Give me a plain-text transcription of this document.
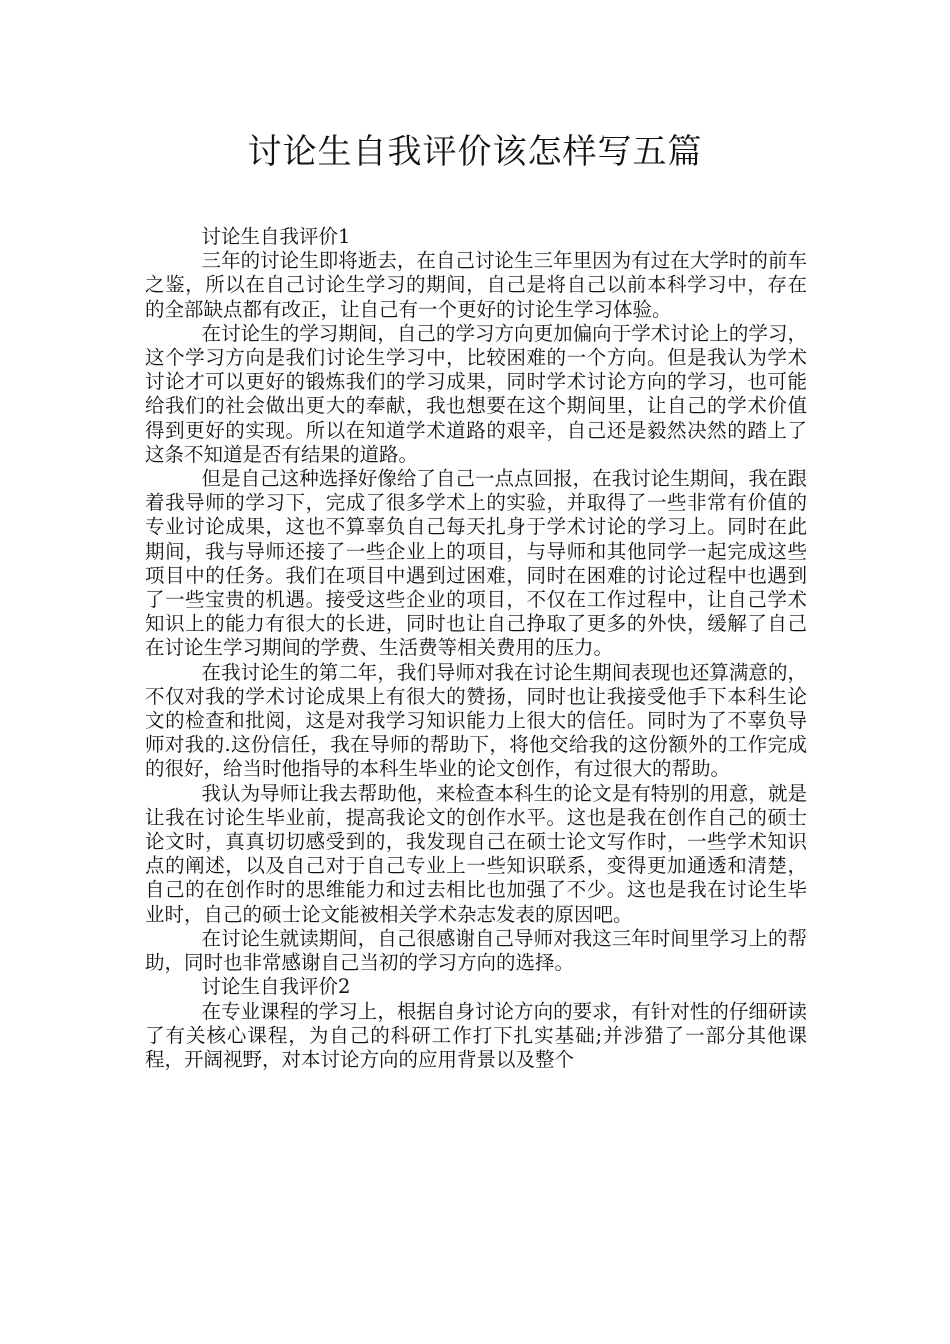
讨论生自我评价该怎样写五篇

讨论生自我评价1

三年的讨论生即将逝去，在自己讨论生三年里因为有过在大学时的前车之鉴，所以在自己讨论生学习的期间，自己是将自己以前本科学习中，存在的全部缺点都有改正，让自己有一个更好的讨论生学习体验。

在讨论生的学习期间，自己的学习方向更加偏向于学术讨论上的学习，这个学习方向是我们讨论生学习中，比较困难的一个方向。但是我认为学术讨论才可以更好的锻炼我们的学习成果，同时学术讨论方向的学习，也可能给我们的社会做出更大的奉献，我也想要在这个期间里，让自己的学术价值得到更好的实现。所以在知道学术道路的艰辛，自己还是毅然决然的踏上了这条不知道是否有结果的道路。

但是自己这种选择好像给了自己一点点回报，在我讨论生期间，我在跟着我导师的学习下，完成了很多学术上的实验，并取得了一些非常有价值的专业讨论成果，这也不算辜负自己每天扎身于学术讨论的学习上。同时在此期间，我与导师还接了一些企业上的项目，与导师和其他同学一起完成这些项目中的任务。我们在项目中遇到过困难，同时在困难的讨论过程中也遇到了一些宝贵的机遇。接受这些企业的项目，不仅在工作过程中，让自己学术知识上的能力有很大的长进，同时也让自己挣取了更多的外快，缓解了自己在讨论生学习期间的学费、生活费等相关费用的压力。

在我讨论生的第二年，我们导师对我在讨论生期间表现也还算满意的，不仅对我的学术讨论成果上有很大的赞扬，同时也让我接受他手下本科生论文的检查和批阅，这是对我学习知识能力上很大的信任。同时为了不辜负导师对我的.这份信任，我在导师的帮助下，将他交给我的这份额外的工作完成的很好，给当时他指导的本科生毕业的论文创作，有过很大的帮助。

我认为导师让我去帮助他，来检查本科生的论文是有特别的用意，就是让我在讨论生毕业前，提高我论文的创作水平。这也是我在创作自己的硕士论文时，真真切切感受到的，我发现自己在硕士论文写作时，一些学术知识点的阐述，以及自己对于自己专业上一些知识联系，变得更加通透和清楚，自己的在创作时的思维能力和过去相比也加强了不少。这也是我在讨论生毕业时，自己的硕士论文能被相关学术杂志发表的原因吧。

在讨论生就读期间，自己很感谢自己导师对我这三年时间里学习上的帮助，同时也非常感谢自己当初的学习方向的选择。

讨论生自我评价2

在专业课程的学习上，根据自身讨论方向的要求，有针对性的仔细研读了有关核心课程，为自己的科研工作打下扎实基础;并涉猎了一部分其他课程，开阔视野，对本讨论方向的应用背景以及整个
